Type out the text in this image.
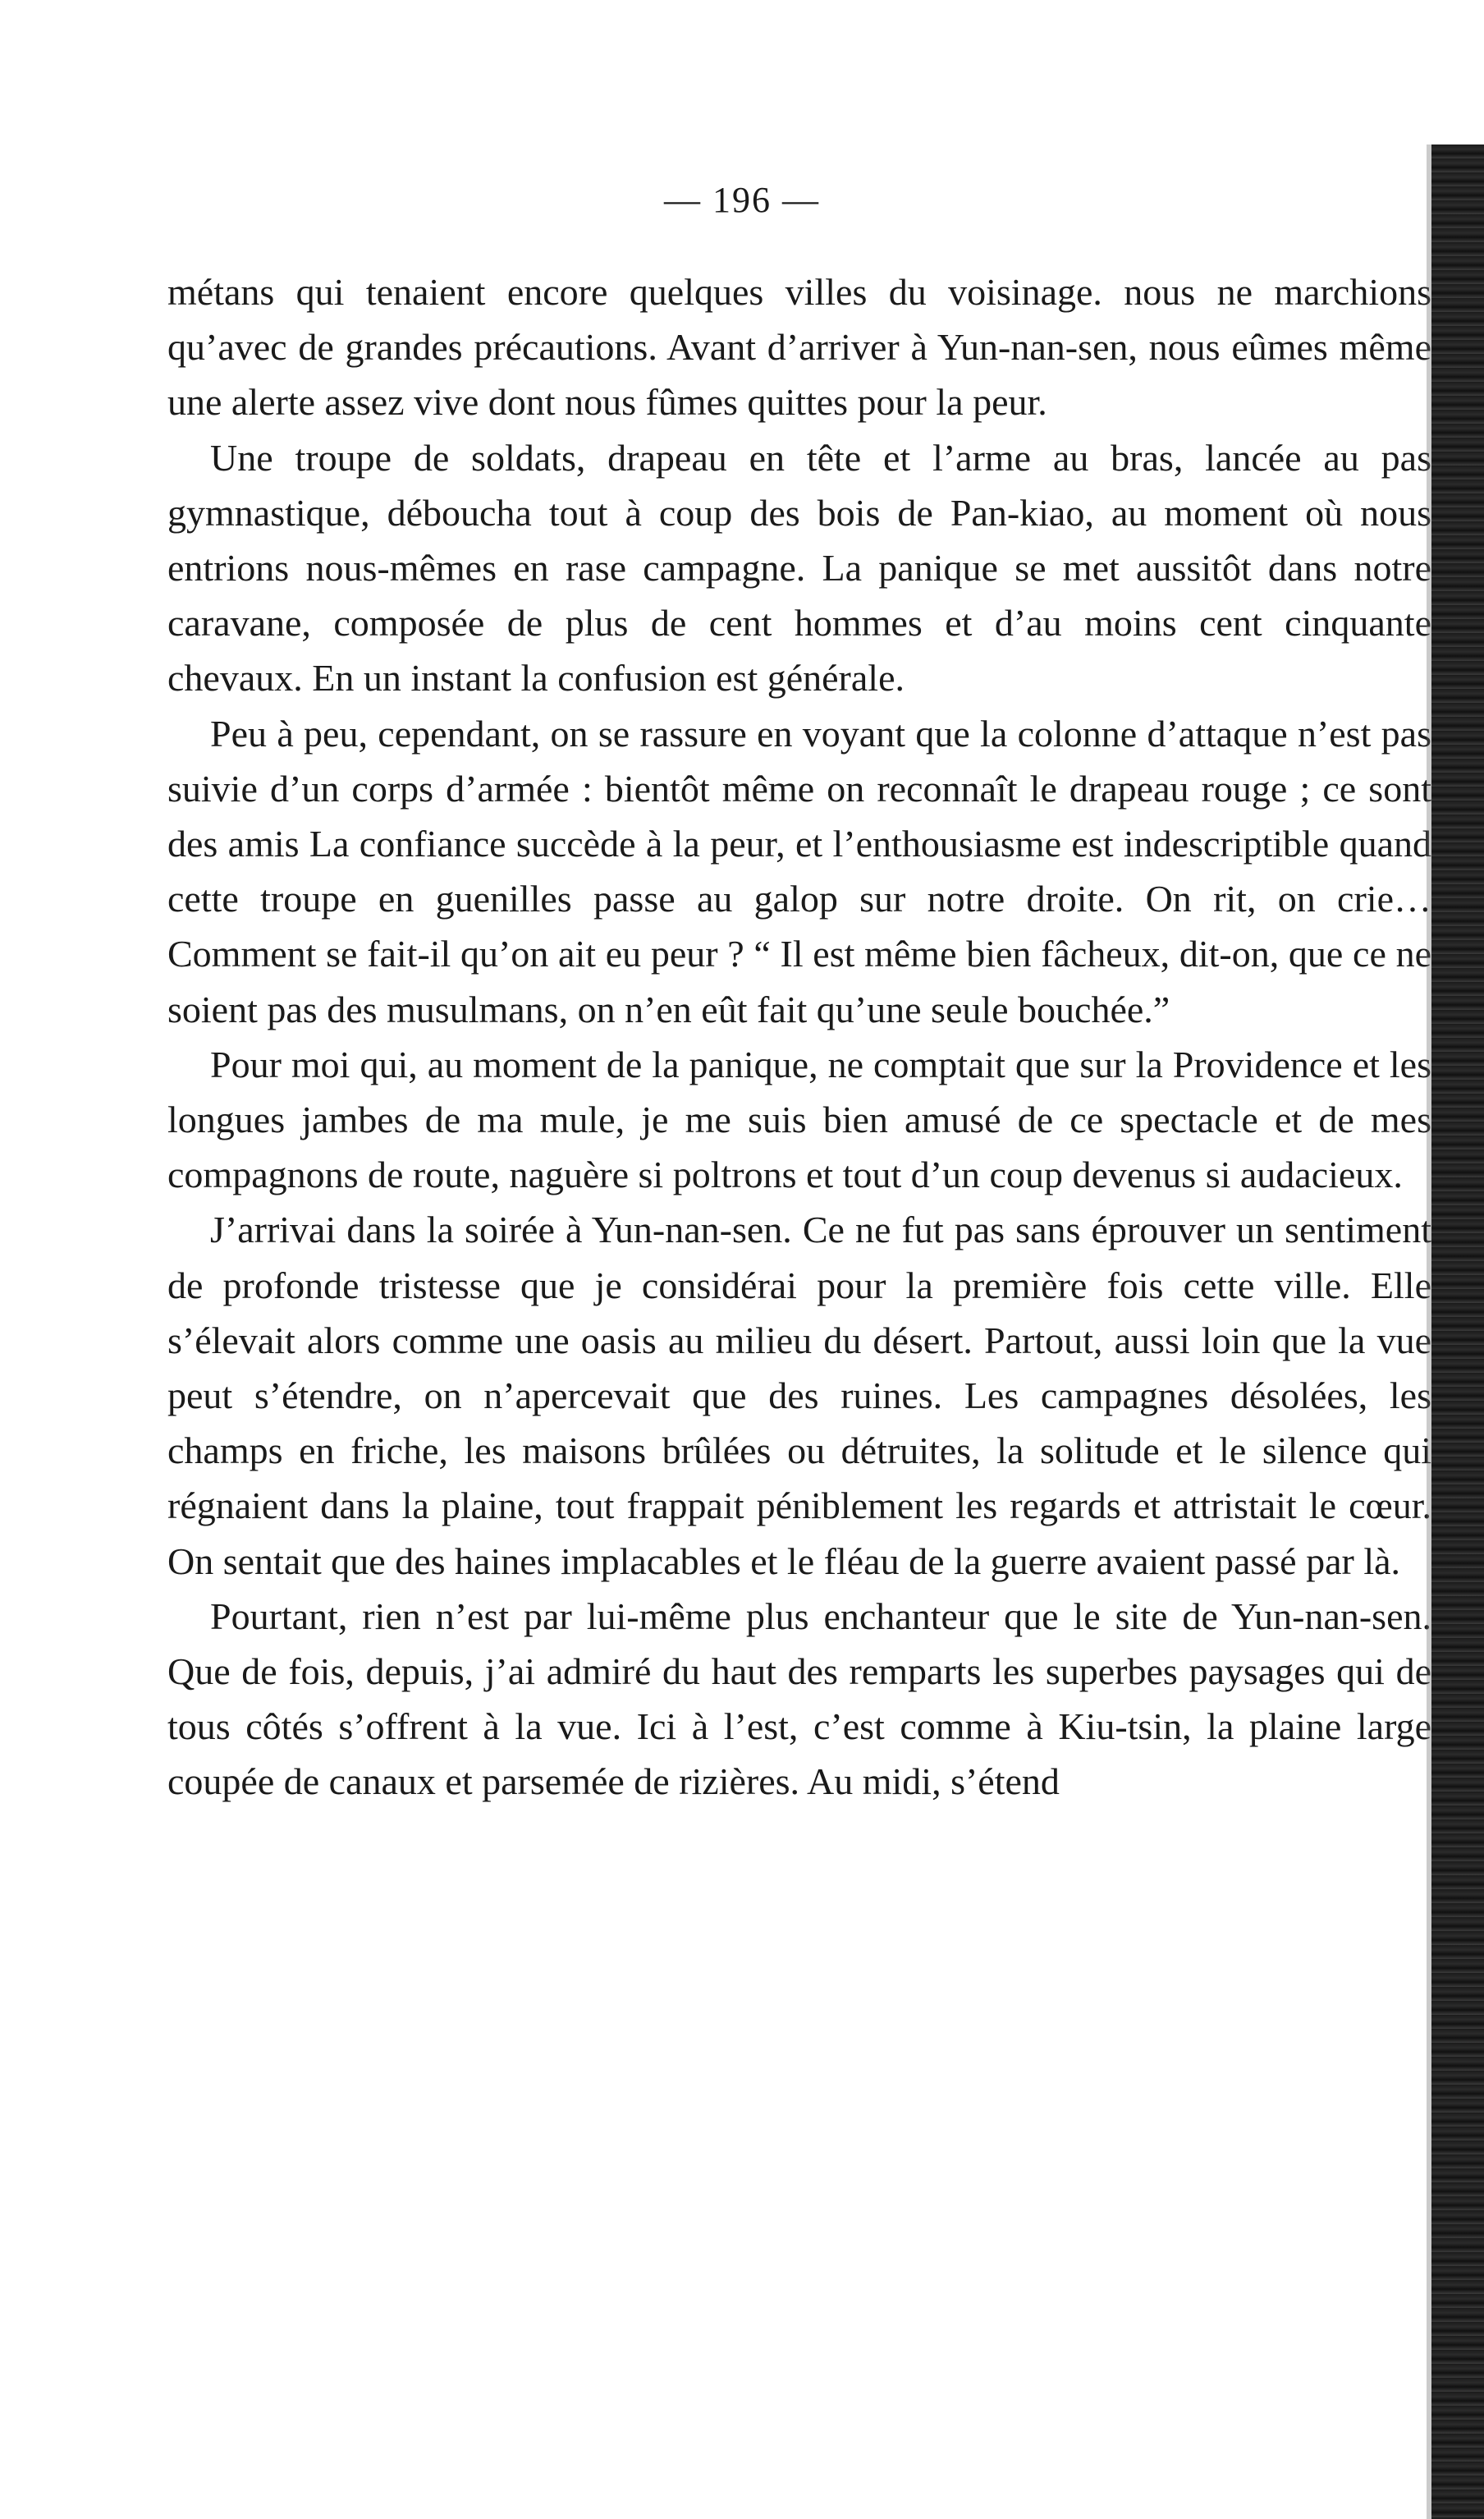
— 196 —

métans qui tenaient encore quelques villes du voisinage. nous ne marchions qu’avec de grandes précautions. Avant d’arriver à Yun-nan-sen, nous eûmes même une alerte assez vive dont nous fûmes quittes pour la peur.

Une troupe de soldats, drapeau en tête et l’arme au bras, lancée au pas gymnastique, déboucha tout à coup des bois de Pan-kiao, au moment où nous entrions nous-mêmes en rase campagne. La panique se met aussitôt dans notre caravane, composée de plus de cent hommes et d’au moins cent cinquante chevaux. En un instant la confusion est générale.

Peu à peu, cependant, on se rassure en voyant que la colonne d’attaque n’est pas suivie d’un corps d’armée : bientôt même on reconnaît le drapeau rouge ; ce sont des amis La confiance succède à la peur, et l’enthousiasme est indescriptible quand cette troupe en guenilles passe au galop sur notre droite. On rit, on crie… Comment se fait-il qu’on ait eu peur ? “ Il est même bien fâcheux, dit-on, que ce ne soient pas des musulmans, on n’en eût fait qu’une seule bouchée.”

Pour moi qui, au moment de la panique, ne comptait que sur la Providence et les longues jambes de ma mule, je me suis bien amusé de ce spectacle et de mes compagnons de route, naguère si poltrons et tout d’un coup devenus si audacieux.

J’arrivai dans la soirée à Yun-nan-sen. Ce ne fut pas sans éprouver un sentiment de profonde tristesse que je considérai pour la première fois cette ville. Elle s’élevait alors comme une oasis au milieu du désert. Partout, aussi loin que la vue peut s’étendre, on n’apercevait que des ruines. Les campagnes désolées, les champs en friche, les maisons brûlées ou détruites, la solitude et le silence qui régnaient dans la plaine, tout frappait péniblement les regards et attristait le cœur. On sentait que des haines implacables et le fléau de la guerre avaient passé par là.

Pourtant, rien n’est par lui-même plus enchanteur que le site de Yun-nan-sen. Que de fois, depuis, j’ai admiré du haut des remparts les superbes paysages qui de tous côtés s’offrent à la vue. Ici à l’est, c’est comme à Kiu-tsin, la plaine large coupée de canaux et parsemée de rizières. Au midi, s’étend
